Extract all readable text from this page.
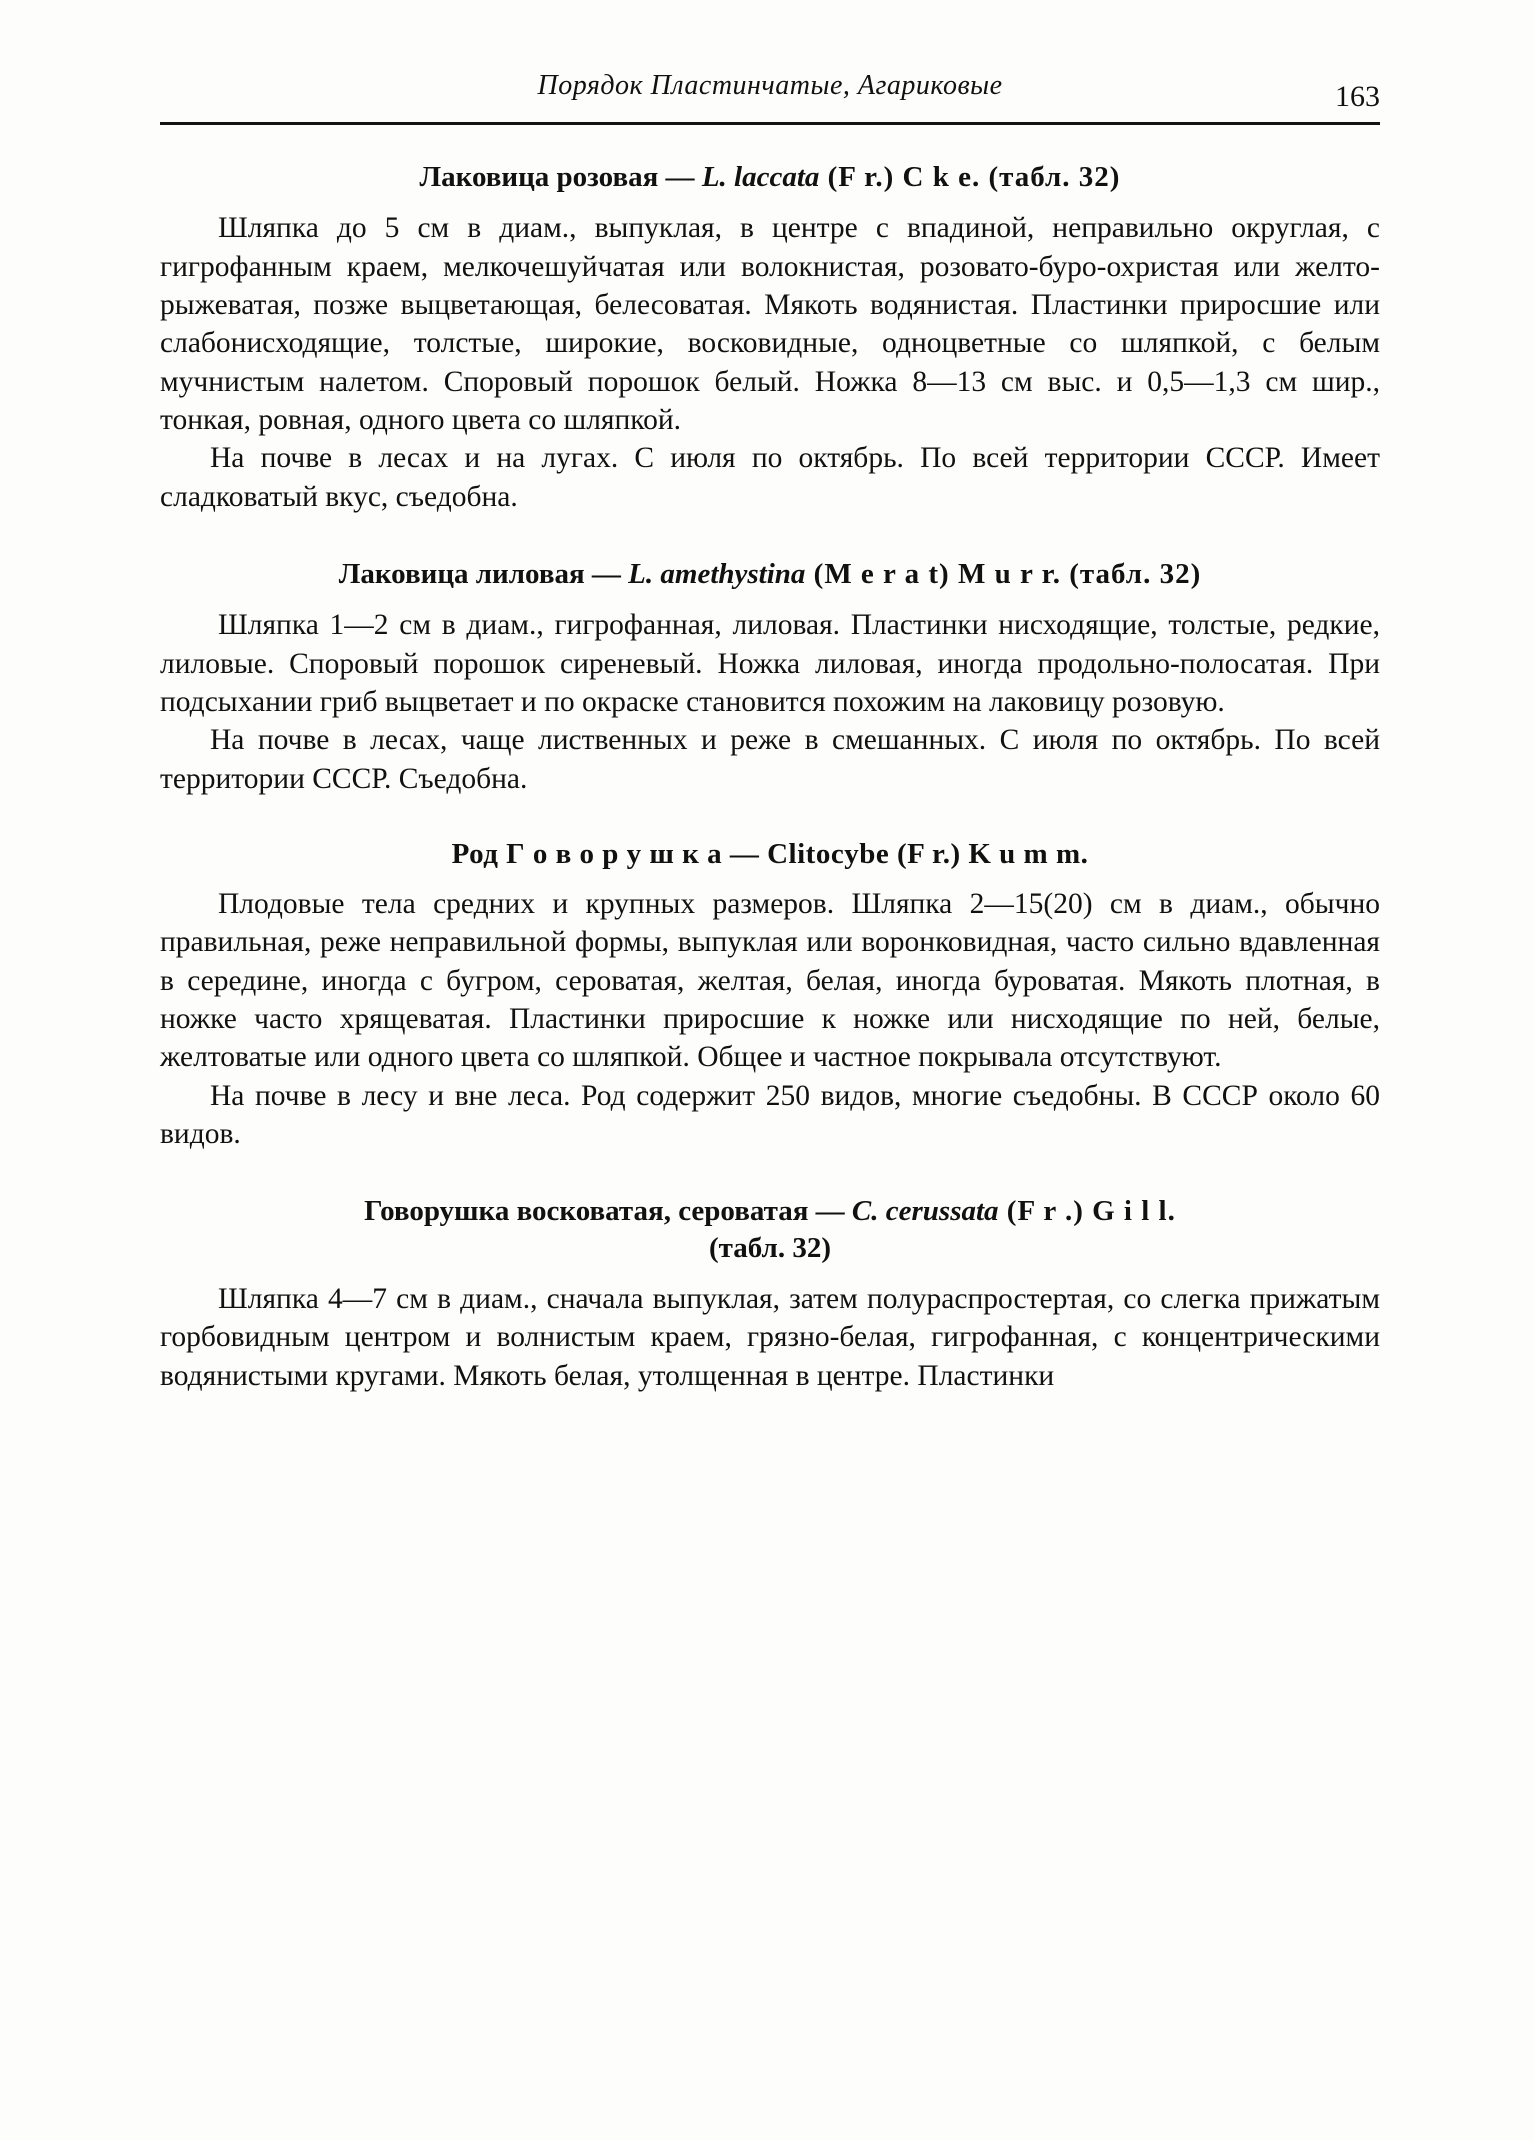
Порядок Пластинчатые, Агариковые	163
Лаковица розовая — L. laccata (F r.) C k e. (табл. 32)

Шляпка до 5 см в диам., выпуклая, в центре с впадиной, неправильно округлая, с гигрофанным краем, мелкочешуйчатая или волокнистая, розовато-буро-охристая или желто-рыжеватая, позже выцветающая, белесоватая. Мякоть водянистая. Пластинки приросшие или слабонисходящие, толстые, широкие, восковидные, одноцветные со шляпкой, с белым мучнистым налетом. Споровый порошок белый. Ножка 8—13 см выс. и 0,5—1,3 см шир., тонкая, ровная, одного цвета со шляпкой.

На почве в лесах и на лугах. С июля по октябрь. По всей территории СССР. Имеет сладковатый вкус, съедобна.

Лаковица лиловая — L. amethystina (M e r a t) M u r r. (табл. 32)

Шляпка 1—2 см в диам., гигрофанная, лиловая. Пластинки нисходящие, толстые, редкие, лиловые. Споровый порошок сиреневый. Ножка лиловая, иногда продольно-полосатая. При подсыхании гриб выцветает и по окраске становится похожим на лаковицу розовую.

На почве в лесах, чаще лиственных и реже в смешанных. С июля по октябрь. По всей территории СССР. Съедобна.

Род Г о в о р у ш к а — Clitocybe (F r.) K u m m.

Плодовые тела средних и крупных размеров. Шляпка 2—15(20) см в диам., обычно правильная, реже неправильной формы, выпуклая или воронковидная, часто сильно вдавленная в середине, иногда с бугром, сероватая, желтая, белая, иногда буроватая. Мякоть плотная, в ножке часто хрящеватая. Пластинки приросшие к ножке или нисходящие по ней, белые, желтоватые или одного цвета со шляпкой. Общее и частное покрывала отсутствуют.

На почве в лесу и вне леса. Род содержит 250 видов, многие съедобны. В СССР около 60 видов.

Говорушка восковатая, сероватая — C. cerussata (F r .) G i l l.
(табл. 32)

Шляпка 4—7 см в диам., сначала выпуклая, затем полураспростертая, со слегка прижатым горбовидным центром и волнистым краем, грязно-белая, гигрофанная, с концентрическими водянистыми кругами. Мякоть белая, утолщенная в центре. Пластинки
